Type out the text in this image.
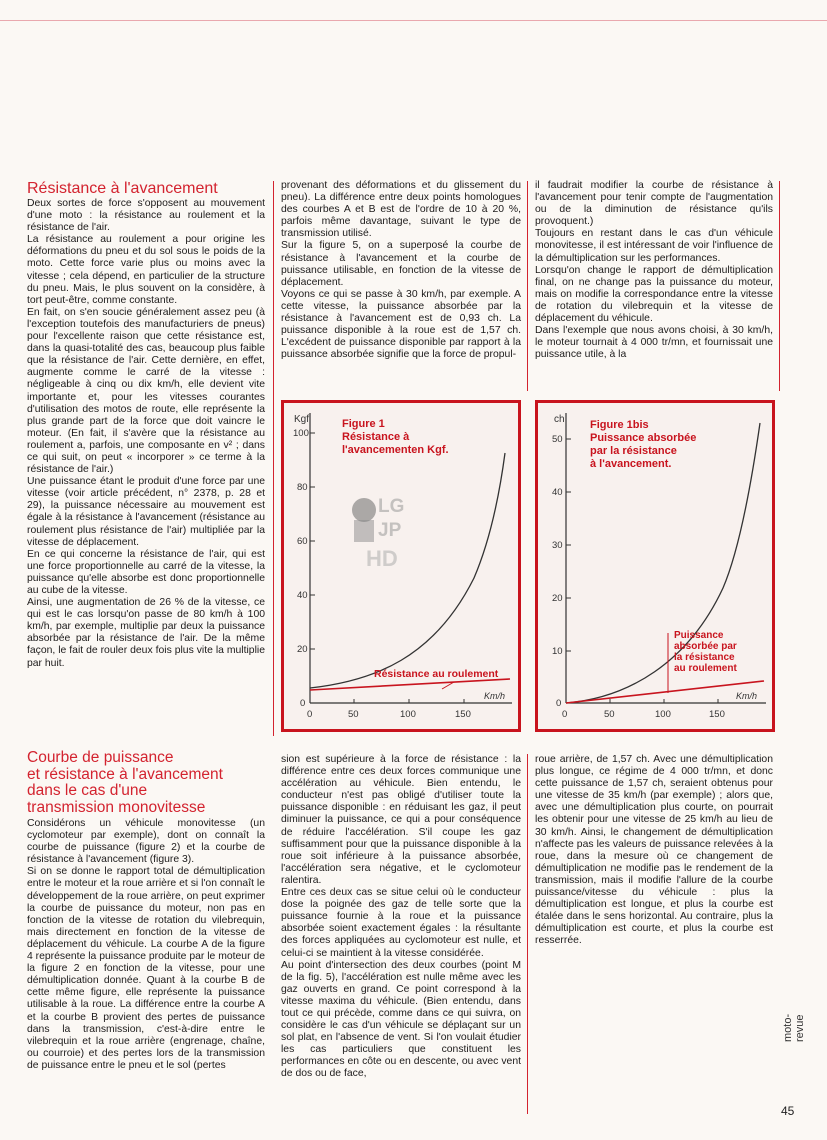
Résistance à l'avancement

Deux sortes de force s'opposent au mouvement d'une moto : la résistance au roulement et la résistance de l'air.

La résistance au roulement a pour origine les déformations du pneu et du sol sous le poids de la moto. Cette force varie plus ou moins avec la vitesse ; cela dépend, en particulier de la structure du pneu. Mais, le plus souvent on la considère, à tort peut-être, comme constante.

En fait, on s'en soucie généralement assez peu (à l'exception toutefois des manufacturiers de pneus) pour l'excellente raison que cette résistance est, dans la quasi-totalité des cas, beaucoup plus faible que la résistance de l'air. Cette dernière, en effet, augmente comme le carré de la vitesse : négligeable à cinq ou dix km/h, elle devient vite importante et, pour les vitesses courantes d'utilisation des motos de route, elle représente la plus grande part de la force que doit vaincre le moteur. (En fait, il s'avère que la résistance au roulement a, parfois, une composante en v² ; dans ce qui suit, on peut « incorporer » ce terme à la résistance de l'air.)

Une puissance étant le produit d'une force par une vitesse (voir article précédent, n° 2378, p. 28 et 29), la puissance nécessaire au mouvement est égale à la résistance à l'avancement (résistance au roulement plus résistance de l'air) multipliée par la vitesse de déplacement.

En ce qui concerne la résistance de l'air, qui est une force proportionnelle au carré de la vitesse, la puissance qu'elle absorbe est donc proportionnelle au cube de la vitesse.

Ainsi, une augmentation de 26 % de la vitesse, ce qui est le cas lorsqu'on passe de 80 km/h à 100 km/h, par exemple, multiplie par deux la puissance absorbée par la résistance de l'air. De la même façon, le fait de rouler deux fois plus vite la multiplie par huit.

provenant des déformations et du glissement du pneu). La différence entre deux points homologues des courbes A et B est de l'ordre de 10 à 20 %, parfois même davantage, suivant le type de transmission utilisé.

Sur la figure 5, on a superposé la courbe de résistance à l'avancement et la courbe de puissance utilisable, en fonction de la vitesse de déplacement.

Voyons ce qui se passe à 30 km/h, par exemple. A cette vitesse, la puissance absorbée par la résistance à l'avancement est de 0,93 ch. La puissance disponible à la roue est de 1,57 ch. L'excédent de puissance disponible par rapport à la puissance absorbée signifie que la force de propul-

il faudrait modifier la courbe de résistance à l'avancement pour tenir compte de l'augmentation ou de la diminution de résistance qu'ils provoquent.)

Toujours en restant dans le cas d'un véhicule monovitesse, il est intéressant de voir l'influence de la démultiplication sur les performances.

Lorsqu'on change le rapport de démultiplication final, on ne change pas la puissance du moteur, mais on modifie la correspondance entre la vitesse de rotation du vilebrequin et la vitesse de déplacement du véhicule.

Dans l'exemple que nous avons choisi, à 30 km/h, le moteur tournait à 4 000 tr/mn, et fournissait une puissance utile, à la

Kgf
100
80
60
40
20
0
0	50	100	150
Km/h
Figure 1
Résistance à
l'avancementen Kgf.
Résistance au roulement
LG
JP
HD
ch
50
40
30
20
10
0
0	50	100	150
Km/h
Figure 1bis
Puissance absorbée
par la résistance
à l'avancement.
Puissance
absorbée par
la résistance
au roulement
Courbe de puissance
et résistance à l'avancement
dans le cas d'une
transmission monovitesse

Considérons un véhicule monovitesse (un cyclomoteur par exemple), dont on connaît la courbe de puissance (figure 2) et la courbe de résistance à l'avancement (figure 3).

Si on se donne le rapport total de démultiplication entre le moteur et la roue arrière et si l'on connaît le développement de la roue arrière, on peut exprimer la courbe de puissance du moteur, non pas en fonction de la vitesse de rotation du vilebrequin, mais directement en fonction de la vitesse de déplacement du véhicule. La courbe A de la figure 4 représente la puissance produite par le moteur de la figure 2 en fonction de la vitesse, pour une démultiplication donnée. Quant à la courbe B de cette même figure, elle représente la puissance utilisable à la roue. La différence entre la courbe A et la courbe B provient des pertes de puissance dans la transmission, c'est-à-dire entre le vilebrequin et la roue arrière (engrenage, chaîne, ou courroie) et des pertes lors de la transmission de puissance entre le pneu et le sol (pertes

sion est supérieure à la force de résistance : la différence entre ces deux forces communique une accélération au véhicule. Bien entendu, le conducteur n'est pas obligé d'utiliser toute la puissance disponible : en réduisant les gaz, il peut diminuer la puissance, ce qui a pour conséquence de réduire l'accélération. S'il coupe les gaz suffisamment pour que la puissance disponible à la roue soit inférieure à la puissance absorbée, l'accélération sera négative, et le cyclomoteur ralentira.

Entre ces deux cas se situe celui où le conducteur dose la poignée des gaz de telle sorte que la puissance fournie à la roue et la puissance absorbée soient exactement égales : la résultante des forces appliquées au cyclomoteur est nulle, et celui-ci se maintient à la vitesse considérée.

Au point d'intersection des deux courbes (point M de la fig. 5), l'accélération est nulle même avec les gaz ouverts en grand. Ce point correspond à la vitesse maxima du véhicule. (Bien entendu, dans tout ce qui précède, comme dans ce qui suivra, on considère le cas d'un véhicule se déplaçant sur un sol plat, en l'absence de vent. Si l'on voulait étudier les cas particuliers que constituent les performances en côte ou en descente, ou avec vent de dos ou de face,

roue arrière, de 1,57 ch. Avec une démultiplication plus longue, ce régime de 4 000 tr/mn, et donc cette puissance de 1,57 ch, seraient obtenus pour une vitesse de 35 km/h (par exemple) ; alors que, avec une démultiplication plus courte, on pourrait les obtenir pour une vitesse de 25 km/h au lieu de 30 km/h. Ainsi, le changement de démultiplication n'affecte pas les valeurs de puissance relevées à la roue, dans la mesure où ce changement de démultiplication ne modifie pas le rendement de la transmission, mais il modifie l'allure de la courbe puissance/vitesse du véhicule : plus la démultiplication est longue, et plus la courbe est étalée dans le sens horizontal. Au contraire, plus la démultiplication est courte, et plus la courbe est resserrée.

moto-revue
45
